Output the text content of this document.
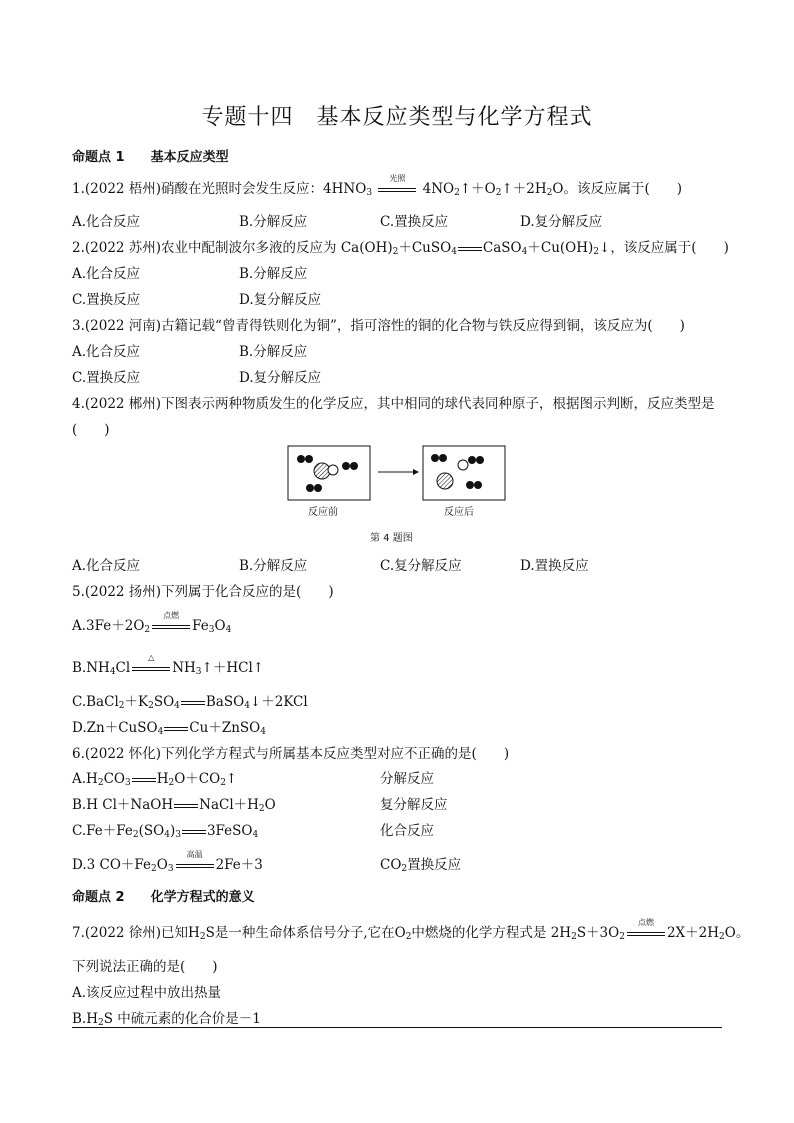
专题十四　基本反应类型与化学方程式
命题点 1 基本反应类型
1.(2022 梧州)硝酸在光照时会发生反应：$4HNO_3$
光照
$4NO_2↑+O_2↑+2H_2O$。该反应属于(　　)
A.化合反应	B.分解反应	C.置换反应	D.复分解反应
2.(2022 苏州)农业中配制波尔多液的反应为 $Ca(OH)_2+CuSO_4$ $CaSO_4+Cu(OH)_2↓$，该反应属于(　　)
A.化合反应	B.分解反应
C.置换反应	D.复分解反应
3.(2022 河南)古籍记载“曾青得铁则化为铜”，指可溶性的铜的化合物与铁反应得到铜，该反应为(　　)
A.化合反应	B.分解反应
C.置换反应	D.复分解反应
4.(2022 郴州)下图表示两种物质发生的化学反应，其中相同的球代表同种原子，根据图示判断，反应类型是
(　　)
反应前	反应后
第 4 题图
A.化合反应	B.分解反应	C.复分解反应	D.置换反应
5.(2022 扬州)下列属于化合反应的是(　　)
$A.3Fe+2O_2$
点燃
$Fe_3O_4$
$B.NH_4Cl$
△
$NH_3↑+HCl↑$
$C.BaCl_2+K_2SO_4$ BaSO$_4$↓＋2KCl
D.Zn＋CuSO$_4$ Cu＋ZnSO$_4$
6.(2022 怀化)下列化学方程式与所属基本反应类型对应不正确的是(　　)
$A.H_2CO_3$ $H_2O+CO_2↑$	分解反应
B.H Cl＋NaOH $NaCl+H_2O$	复分解反应
$C.Fe+Fe_2(SO_4)_3$ 3FeSO$_4$	化合反应
D.3 $CO+Fe_2O_3$
高温
2Fe＋3	$CO_2$置换反应
命题点 2 化学方程式的意义
7.(2022 徐州)已知$H_2S$是一种生命体系信号分子,它在$O_2$中燃烧的化学方程式是 $2H_2S+3O_2$
点燃
$2X+2H_2O$。
下列说法正确的是(　　)
A.该反应过程中放出热量
$B.H_2S$ 中硫元素的化合价是－1
